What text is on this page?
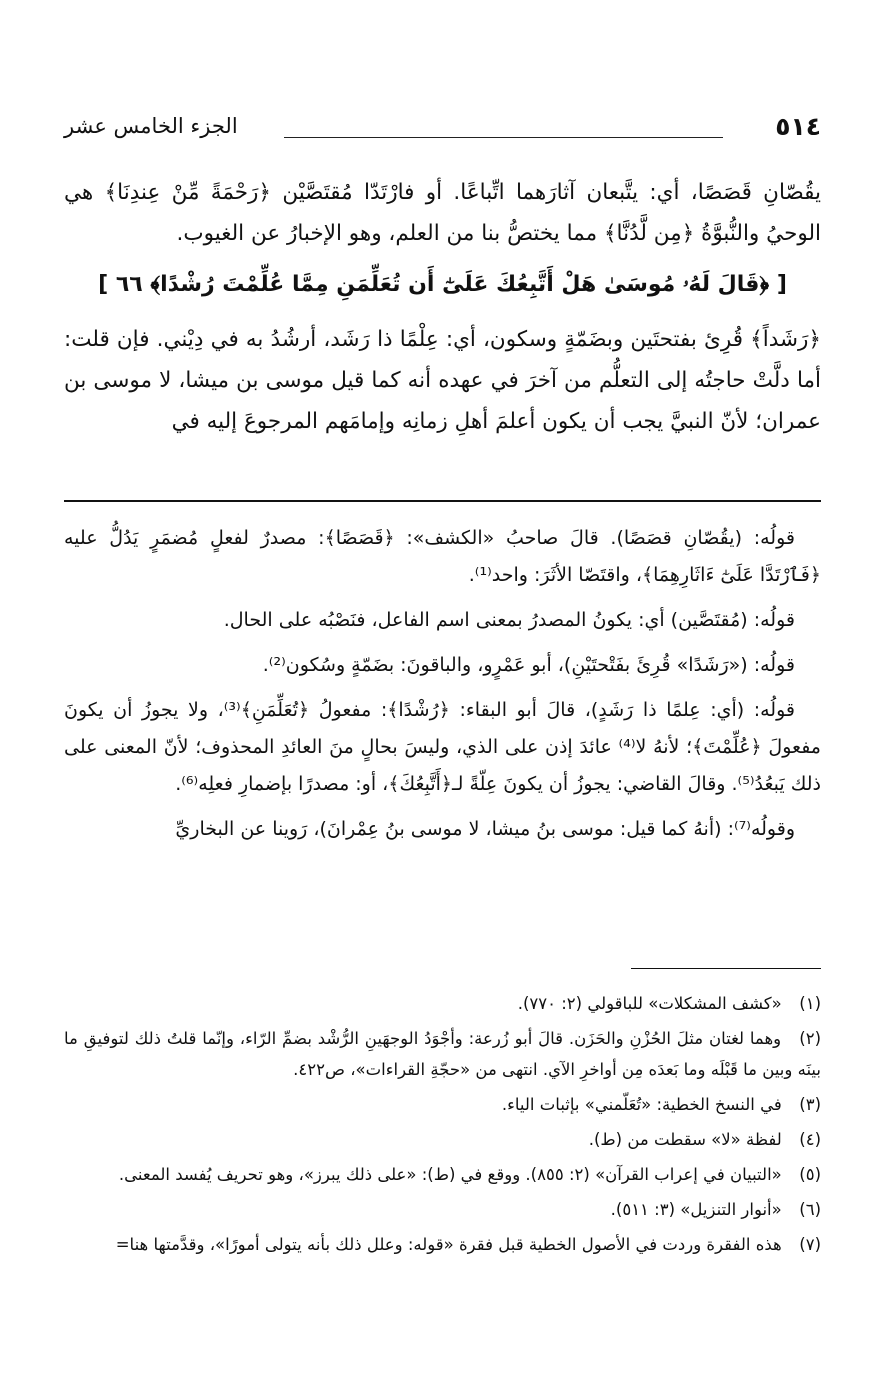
٥١٤
الجزء الخامس عشر

يقُصّانِ قَصَصًا، أي: يتَّبعان آثارَهما اتِّباعًا. أو فارْتَدّا مُقتَصَّيْن ﴿رَحْمَةً مِّنْ عِندِنَا﴾ هي الوحيُ والنُّبوَّةُ ﴿مِن لَّدُنَّا﴾ مما يختصُّ بنا من العلم، وهو الإخبارُ عن الغيوب.

[ ﴿قَالَ لَهُۥ مُوسَىٰ هَلْ أَتَّبِعُكَ عَلَىٰٓ أَن تُعَلِّمَنِ مِمَّا عُلِّمْتَ رُشْدًا﴾ ٦٦ ]

﴿رَشَداً﴾ قُرِئ بفتحتَين وبضَمّةٍ وسكون، أي: عِلْمًا ذا رَشَد، أرشُدُ به في دِيْني. فإن قلت: أما دلَّتْ حاجتُه إلى التعلُّم من آخرَ في عهده أنه كما قيل موسى بن ميشا، لا موسى بن عمران؛ لأنّ النبيَّ يجب أن يكون أعلمَ أهلِ زمانِه وإمامَهم المرجوعَ إليه في

قولُه: (يقُصّانِ قصَصًا). قالَ صاحبُ «الكشف»: ﴿قَصَصًا﴾: مصدرٌ لفعلٍ مُضمَرٍ يَدُلُّ عليه ﴿فَٱرْتَدَّا عَلَىٰٓ ءَاثَارِهِمَا﴾، واقتَصّا الأثَرَ: واحد⁽¹⁾.

قولُه: (مُقتَصَّين) أي: يكونُ المصدرُ بمعنى اسم الفاعل، فنَصْبُه على الحال.

قولُه: («رَشَدًا» قُرِئَ بفَتْحتَيْنِ)، أبو عَمْرٍو، والباقونَ: بضَمّةٍ وسُكون⁽²⁾.

قولُه: (أي: عِلمًا ذا رَشَدٍ)، قالَ أبو البقاء: ﴿رُشْدًا﴾: مفعولُ ﴿تُعَلِّمَنِ﴾⁽³⁾، ولا يجوزُ أن يكونَ مفعولَ ﴿عُلِّمْتَ﴾؛ لأنهُ لا⁽⁴⁾ عائدَ إذن على الذي، وليسَ بحالٍ منَ العائدِ المحذوف؛ لأنّ المعنى على ذلك يَبعُدُ⁽⁵⁾. وقالَ القاضي: يجوزُ أن يكونَ عِلّةً لـ﴿أَتَّبِعُكَ﴾، أو: مصدرًا بإضمارِ فعلِه⁽⁶⁾.

وقولُه⁽⁷⁾: (أنهُ كما قيل: موسى بنُ ميشا، لا موسى بنُ عِمْرانَ)، رَوينا عن البخاريِّ

(١) «كشف المشكلات» للباقولي (٢: ٧٧٠).
(٢) وهما لغتان مثلَ الحُزْنِ والحَزَن. قالَ أبو زُرعة: وأجْوَدُ الوجهَينِ الرُّشْد بضمِّ الرّاء، وإنّما قلتُ ذلك لتوفيقِ ما بينَه وبين ما قَبْلَه وما بَعدَه مِن أواخرِ الآي. انتهى من «حجّةِ القراءات»، ص٤٢٢.
(٣) في النسخ الخطية: «تُعَلّمني» بإثبات الياء.
(٤) لفظة «لا» سقطت من (ط).
(٥) «التبيان في إعراب القرآن» (٢: ٨٥٥). ووقع في (ط): «على ذلك يبرز»، وهو تحريف يُفسد المعنى.
(٦) «أنوار التنزيل» (٣: ٥١١).
(٧) هذه الفقرة وردت في الأصول الخطية قبل فقرة «قوله: وعلل ذلك بأنه يتولى أمورًا»، وقدَّمتها هنا=
